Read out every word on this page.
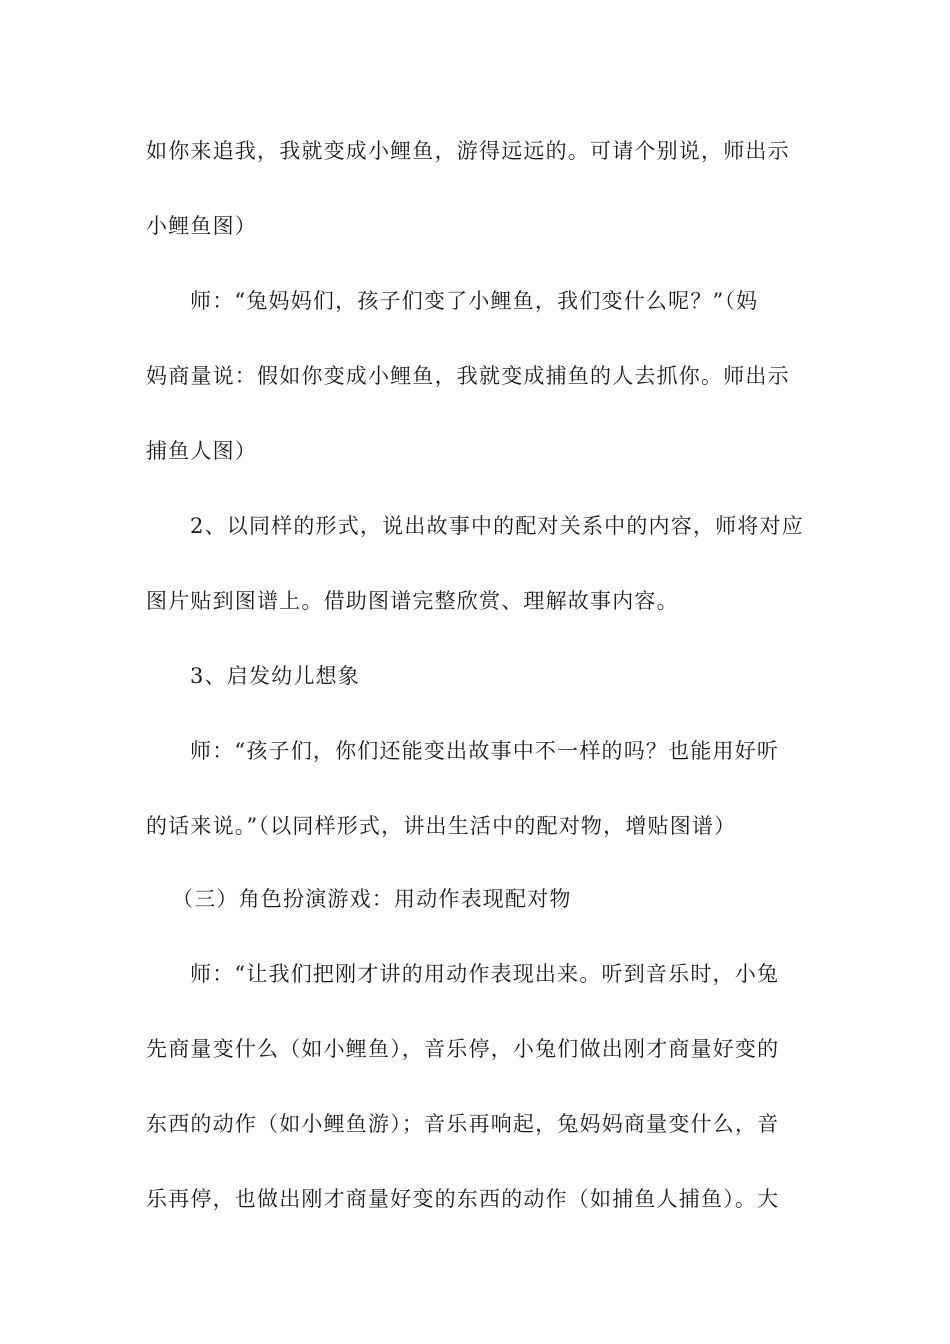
如你来追我，我就变成小鲤鱼，游得远远的。可请个别说，师出示
小鲤鱼图）
师：“兔妈妈们，孩子们变了小鲤鱼，我们变什么呢？”（妈
妈商量说：假如你变成小鲤鱼，我就变成捕鱼的人去抓你。师出示
捕鱼人图）
2、以同样的形式，说出故事中的配对关系中的内容，师将对应
图片贴到图谱上。借助图谱完整欣赏、理解故事内容。
3、启发幼儿想象
师：“孩子们，你们还能变出故事中不一样的吗？也能用好听
的话来说。”（以同样形式，讲出生活中的配对物，增贴图谱）
（三）角色扮演游戏：用动作表现配对物
师：“让我们把刚才讲的用动作表现出来。听到音乐时，小兔
先商量变什么（如小鲤鱼），音乐停，小兔们做出刚才商量好变的
东西的动作（如小鲤鱼游）；音乐再响起，兔妈妈商量变什么，音
乐再停，也做出刚才商量好变的东西的动作（如捕鱼人捕鱼）。大
